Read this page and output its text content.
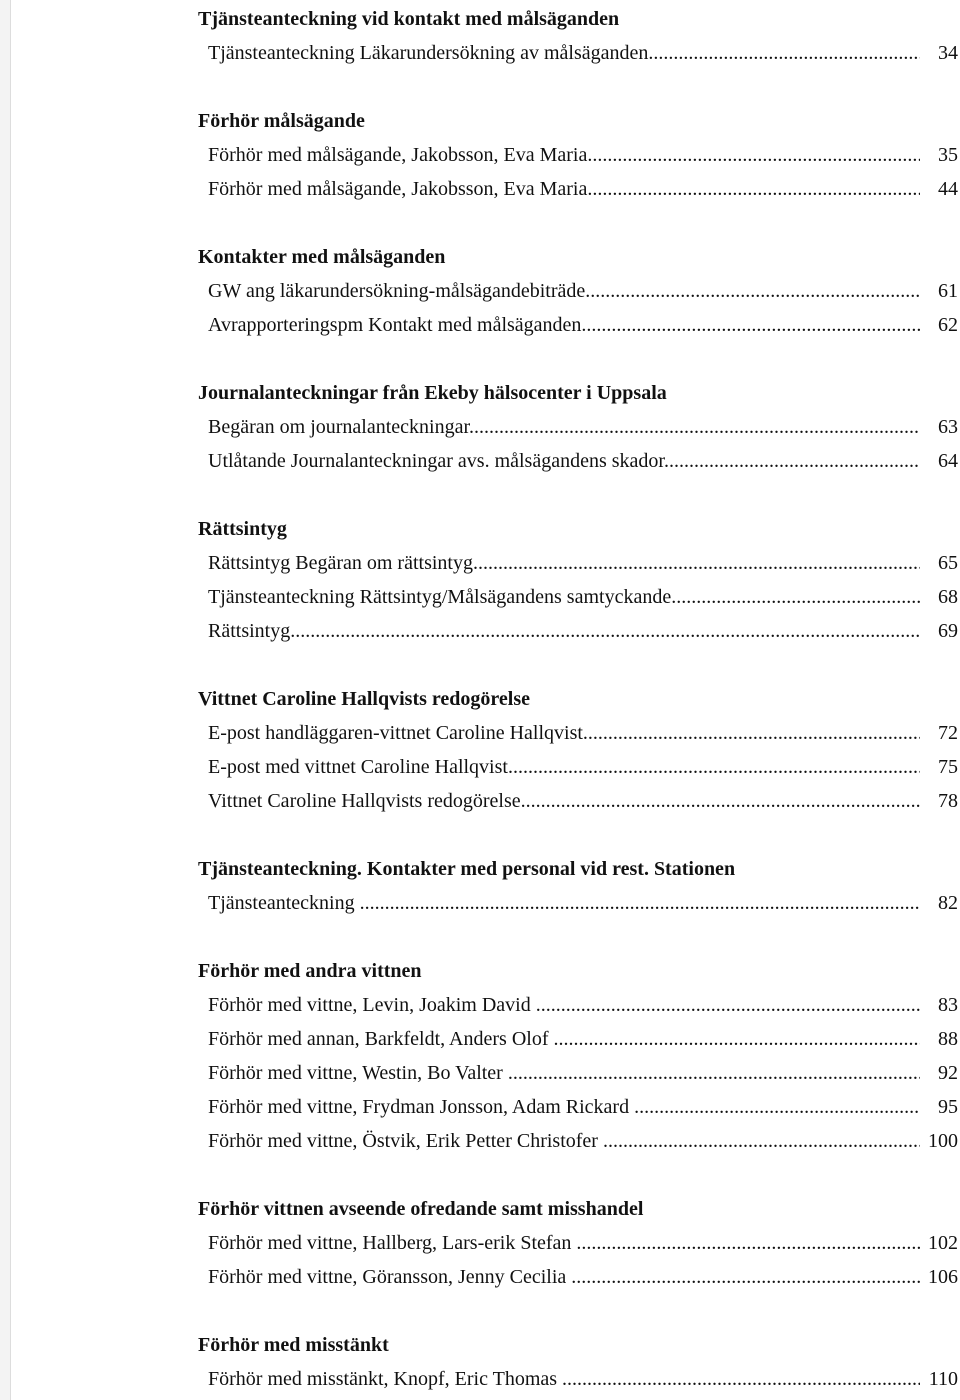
Tjänsteanteckning vid kontakt med målsäganden
Tjänsteanteckning Läkarundersökning av målsäganden .....	34
Förhör målsägande
Förhör med målsägande, Jakobsson, Eva Maria .....	35
Förhör med målsägande, Jakobsson, Eva Maria .....	44
Kontakter med målsäganden
GW ang läkarundersökning-målsägandebiträde .....	61
Avrapporteringspm Kontakt med målsäganden .....	62
Journalanteckningar från Ekeby hälsocenter i Uppsala
Begäran om journalanteckningar .....	63
Utlåtande Journalanteckningar avs. målsägandens skador .....	64
Rättsintyg
Rättsintyg Begäran om rättsintyg .....	65
Tjänsteanteckning Rättsintyg/Målsägandens samtyckande .....	68
Rättsintyg .....	69
Vittnet Caroline Hallqvists redogörelse
E-post handläggaren-vittnet Caroline Hallqvist .....	72
E-post med vittnet Caroline Hallqvist .....	75
Vittnet Caroline Hallqvists redogörelse .....	78
Tjänsteanteckning. Kontakter med personal vid rest. Stationen
Tjänsteanteckning .....	82
Förhör med andra vittnen
Förhör med vittne, Levin, Joakim David .....	83
Förhör med annan, Barkfeldt, Anders Olof .....	88
Förhör med vittne, Westin, Bo Valter .....	92
Förhör med vittne, Frydman Jonsson, Adam Rickard .....	95
Förhör med vittne, Östvik, Erik Petter Christofer .....	100
Förhör vittnen avseende ofredande samt misshandel
Förhör med vittne, Hallberg, Lars-erik Stefan .....	102
Förhör med vittne, Göransson, Jenny Cecilia .....	106
Förhör med misstänkt
Förhör med misstänkt, Knopf, Eric Thomas .....	110
